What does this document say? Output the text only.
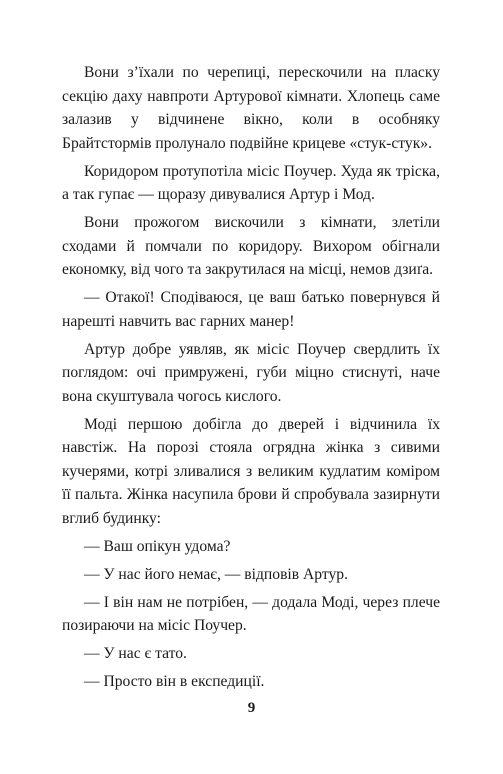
Вони з’їхали по черепиці, перескочили на пласку секцію даху навпроти Артурової кімнати. Хлопець саме залазив у відчинене вікно, коли в особняку Брайтстормів пролунало подвійне крицеве «стук-стук».

Коридором протупотіла місіс Поучер. Худа як тріска, а так гупає — щоразу дивувалися Артур і Мод.

Вони прожогом вискочили з кімнати, злетіли сходами й помчали по коридору. Вихором обігнали економку, від чого та закрутилася на місці, немов дзиґа.

— Отакої! Сподіваюся, це ваш батько повернувся й нарешті навчить вас гарних манер!

Артур добре уявляв, як місіс Поучер свердлить їх поглядом: очі примружені, губи міцно стиснуті, наче вона скуштувала чогось кислого.

Моді першою добігла до дверей і відчинила їх навстіж. На порозі стояла огрядна жінка з сивими кучерями, котрі зливалися з великим кудлатим коміром її пальта. Жінка насупила брови й спробувала зазирнути вглиб будинку:

— Ваш опікун удома?

— У нас його немає, — відповів Артур.

— І він нам не потрібен, — додала Моді, через плече позираючи на місіс Поучер.

— У нас є тато.

— Просто він в експедиції.

9
